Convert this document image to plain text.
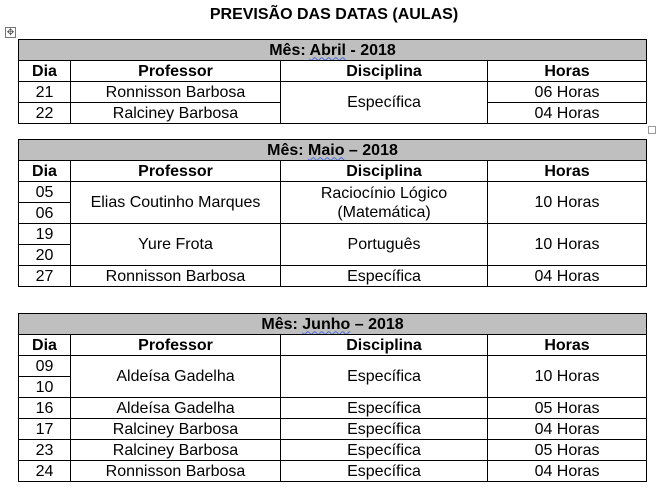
PREVISÃO DAS DATAS (AULAS)
✥
Mês: Abril - 2018			
Dia	Professor	Disciplina	Horas
21	Ronnisson Barbosa	Específica	06 Horas
22	Ralciney Barbosa		04 Horas
Mês: Maio – 2018			
Dia	Professor	Disciplina	Horas
05	Elias Coutinho Marques	Raciocínio Lógico (Matemática)	10 Horas
06			
19	Yure Frota	Português	10 Horas
20			
27	Ronnisson Barbosa	Específica	04 Horas
Mês: Junho – 2018			
Dia	Professor	Disciplina	Horas
09	Aldeísa Gadelha	Específica	10 Horas
10			
16	Aldeísa Gadelha	Específica	05 Horas
17	Ralciney Barbosa	Específica	04 Horas
23	Ralciney Barbosa	Específica	05 Horas
24	Ronnisson Barbosa	Específica	04 Horas
